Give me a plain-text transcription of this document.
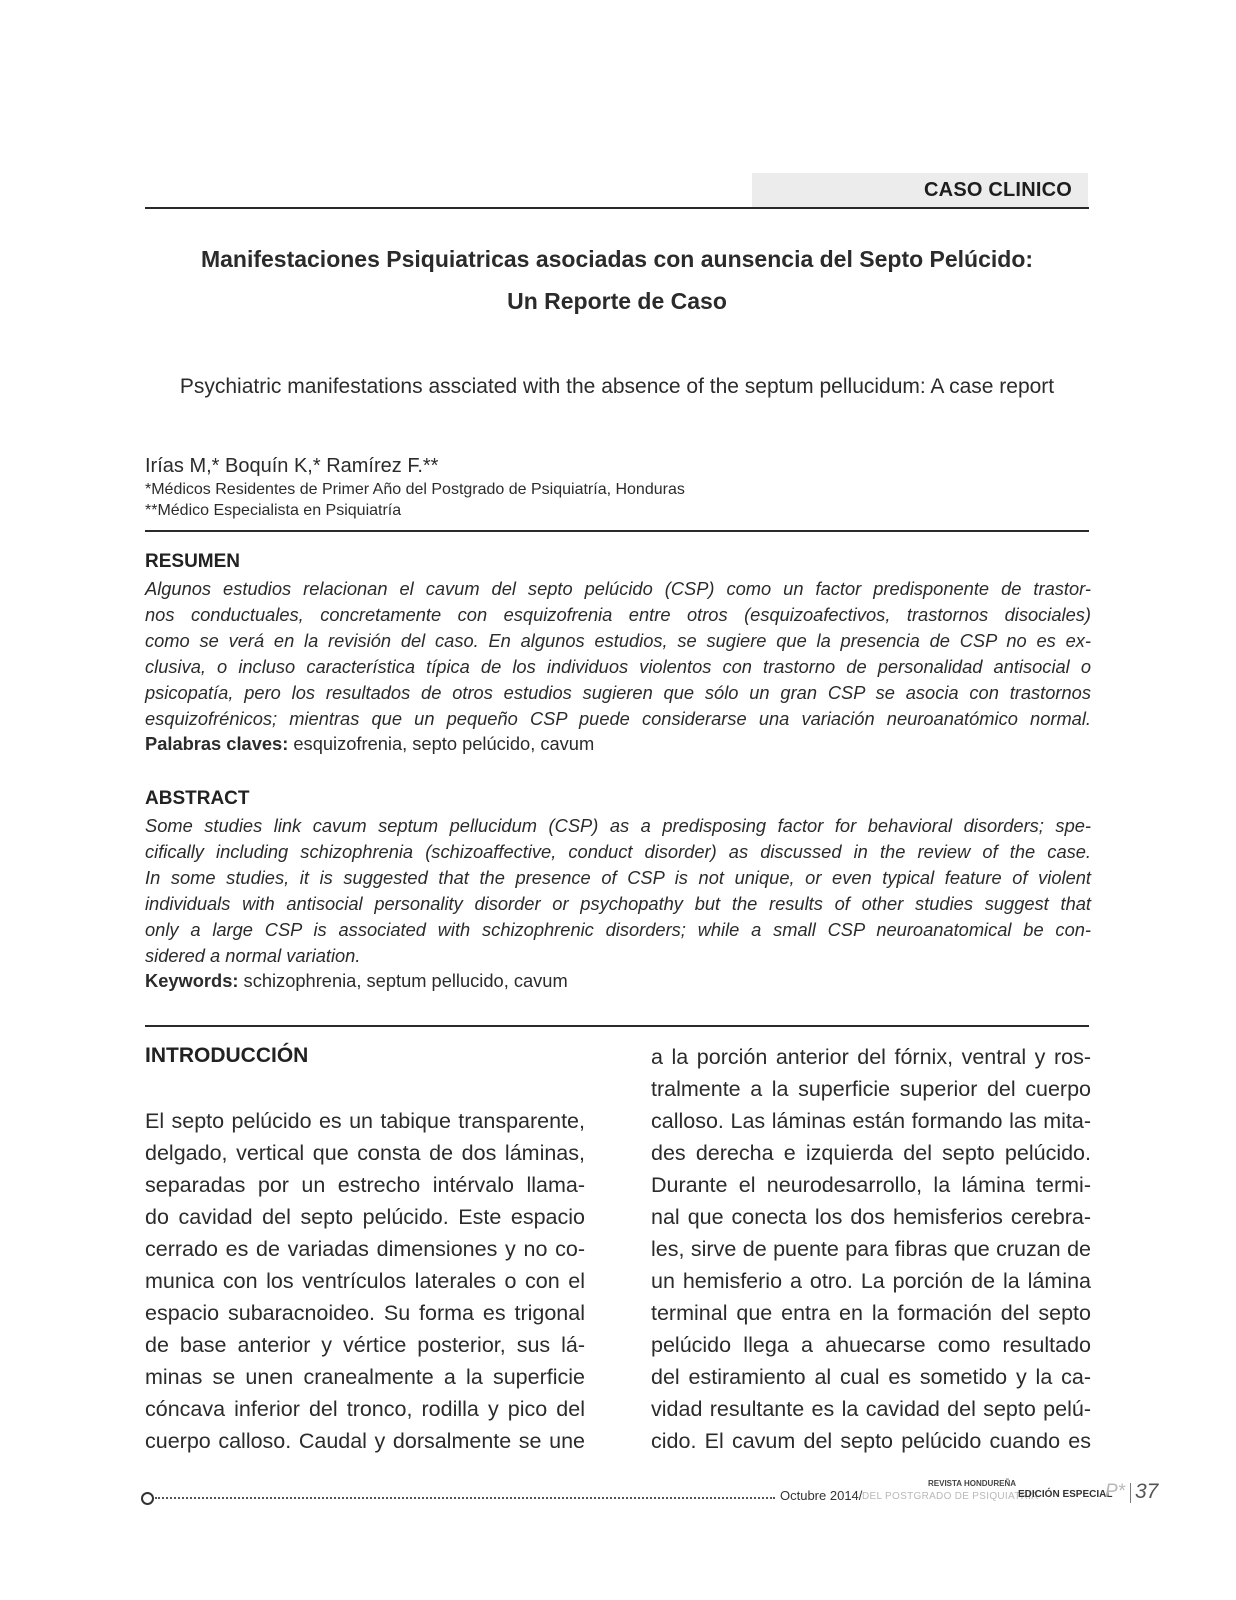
CASO CLINICO
Manifestaciones Psiquiatricas asociadas con aunsencia del Septo Pelúcido:
Un Reporte de Caso
Psychiatric manifestations assciated with the absence of the septum pellucidum: A case report
Irías M,* Boquín K,* Ramírez F.**
*Médicos Residentes de Primer Año del Postgrado de Psiquiatría, Honduras
**Médico Especialista en Psiquiatría
RESUMEN
Algunos estudios relacionan el cavum del septo pelúcido (CSP) como un factor predisponente de trastor-
nos conductuales, concretamente con esquizofrenia entre otros (esquizoafectivos, trastornos disociales)
como se verá en la revisión del caso. En algunos estudios, se sugiere que la presencia de CSP no es ex-
clusiva, o incluso característica típica de los individuos violentos con trastorno de personalidad antisocial o
psicopatía, pero los resultados de otros estudios sugieren que sólo un gran CSP se asocia con trastornos
esquizofrénicos; mientras que un pequeño CSP puede considerarse una variación neuroanatómico normal.
Palabras claves: esquizofrenia, septo pelúcido, cavum
ABSTRACT
Some studies link cavum septum pellucidum (CSP) as a predisposing factor for behavioral disorders; spe-
cifically including schizophrenia (schizoaffective, conduct disorder) as discussed in the review of the case.
In some studies, it is suggested that the presence of CSP is not unique, or even typical feature of violent
individuals with antisocial personality disorder or psychopathy but the results of other studies suggest that
only a large CSP is associated with schizophrenic disorders; while a small CSP neuroanatomical be con-
sidered a normal variation.
Keywords: schizophrenia, septum pellucido, cavum
INTRODUCCIÓN
El septo pelúcido es un tabique transparente,
delgado, vertical que consta de dos láminas,
separadas por un estrecho intérvalo llama-
do cavidad del septo pelúcido. Este espacio
cerrado es de variadas dimensiones y no co-
munica con los ventrículos laterales o con el
espacio subaracnoideo. Su forma es trigonal
de base anterior y vértice posterior, sus lá-
minas se unen cranealmente a la superficie
cóncava inferior del tronco, rodilla y pico del
cuerpo calloso. Caudal y dorsalmente se une
a la porción anterior del fórnix, ventral y ros-
tralmente a la superficie superior del cuerpo
calloso. Las láminas están formando las mita-
des derecha e izquierda del septo pelúcido.
Durante el neurodesarrollo, la lámina termi-
nal que conecta los dos hemisferios cerebra-
les, sirve de puente para fibras que cruzan de
un hemisferio a otro. La porción de la lámina
terminal que entra en la formación del septo
pelúcido llega a ahuecarse como resultado
del estiramiento al cual es sometido y la ca-
vidad resultante es la cavidad del septo pelú-
cido. El cavum del septo pelúcido cuando es
Octubre 2014/
REVISTA HONDUREÑA
DEL POSTGRADO DE PSIQUIATRÍA
EDICIÓN ESPECIAL
P* 37
